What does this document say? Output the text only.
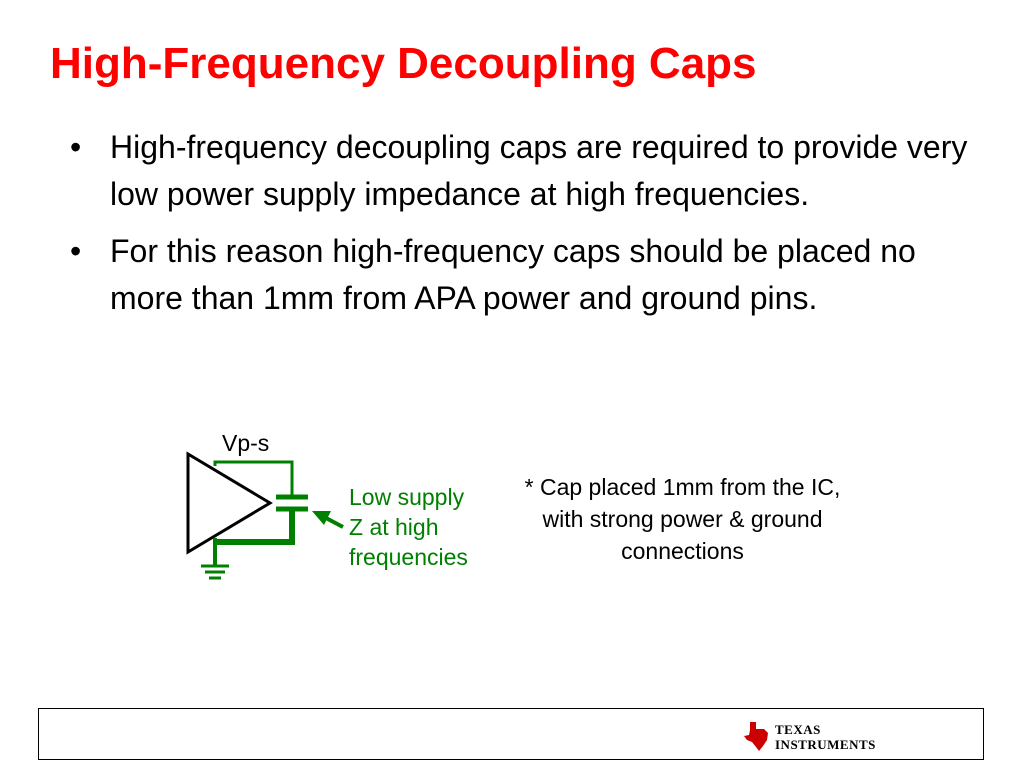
High-Frequency Decoupling Caps
• High-frequency decoupling caps are required to provide very low power supply impedance at high frequencies.
• For this reason high-frequency caps should be placed no more than 1mm from APA power and ground pins.
Vp-s
Low supply
Z at high
frequencies
* Cap placed 1mm from the IC, with strong power & ground connections
TEXAS
INSTRUMENTS
